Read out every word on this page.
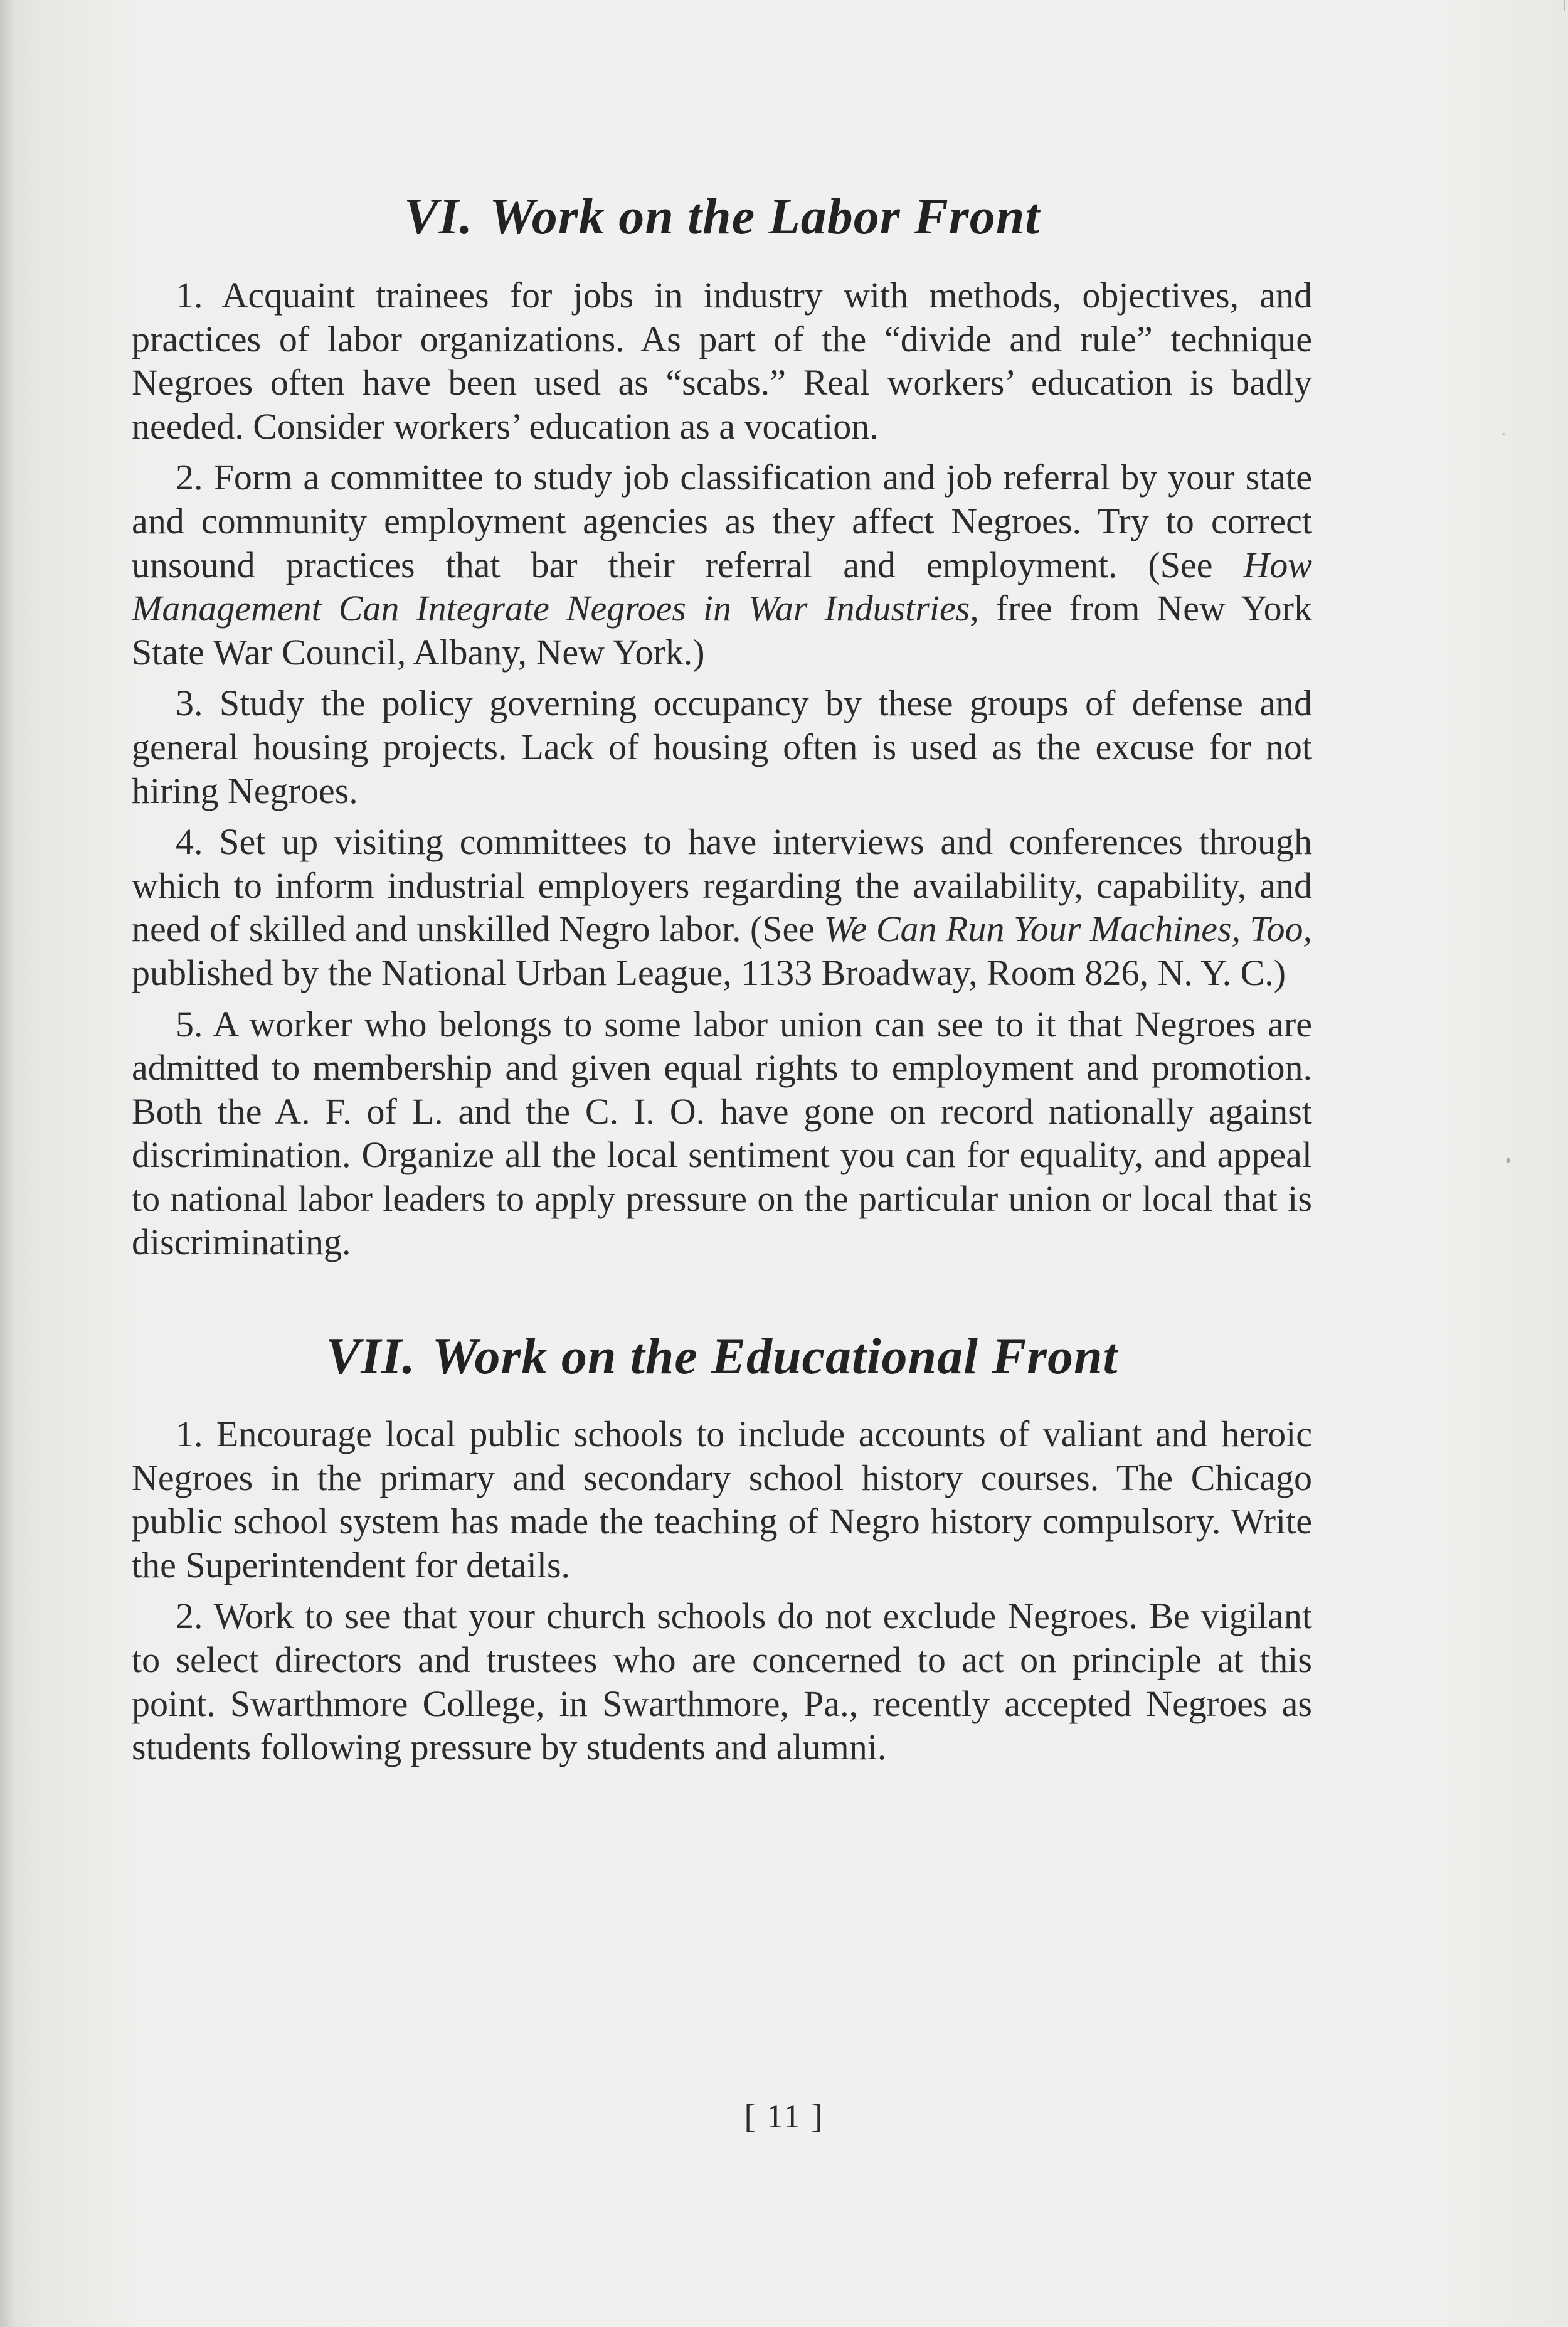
VI. Work on the Labor Front

1. Acquaint trainees for jobs in industry with methods, objectives, and practices of labor organizations. As part of the “divide and rule” technique Negroes often have been used as “scabs.” Real workers’ education is badly needed. Consider workers’ education as a vocation.

2. Form a committee to study job classification and job referral by your state and community employment agencies as they affect Negroes. Try to correct unsound practices that bar their referral and employment. (See How Management Can Integrate Negroes in War Industries, free from New York State War Council, Albany, New York.)

3. Study the policy governing occupancy by these groups of defense and general housing projects. Lack of housing often is used as the excuse for not hiring Negroes.

4. Set up visiting committees to have interviews and conferences through which to inform industrial employers regarding the availability, capability, and need of skilled and unskilled Negro labor. (See We Can Run Your Machines, Too, published by the National Urban League, 1133 Broadway, Room 826, N. Y. C.)

5. A worker who belongs to some labor union can see to it that Negroes are admitted to membership and given equal rights to employment and promotion. Both the A. F. of L. and the C. I. O. have gone on record nationally against discrimination. Organize all the local sentiment you can for equality, and appeal to national labor leaders to apply pressure on the particular union or local that is discriminating.

VII. Work on the Educational Front

1. Encourage local public schools to include accounts of valiant and heroic Negroes in the primary and secondary school history courses. The Chicago public school system has made the teaching of Negro history compulsory. Write the Superintendent for details.

2. Work to see that your church schools do not exclude Negroes. Be vigilant to select directors and trustees who are concerned to act on principle at this point. Swarthmore College, in Swarthmore, Pa., recently accepted Negroes as students following pressure by students and alumni.

[ 11 ]
